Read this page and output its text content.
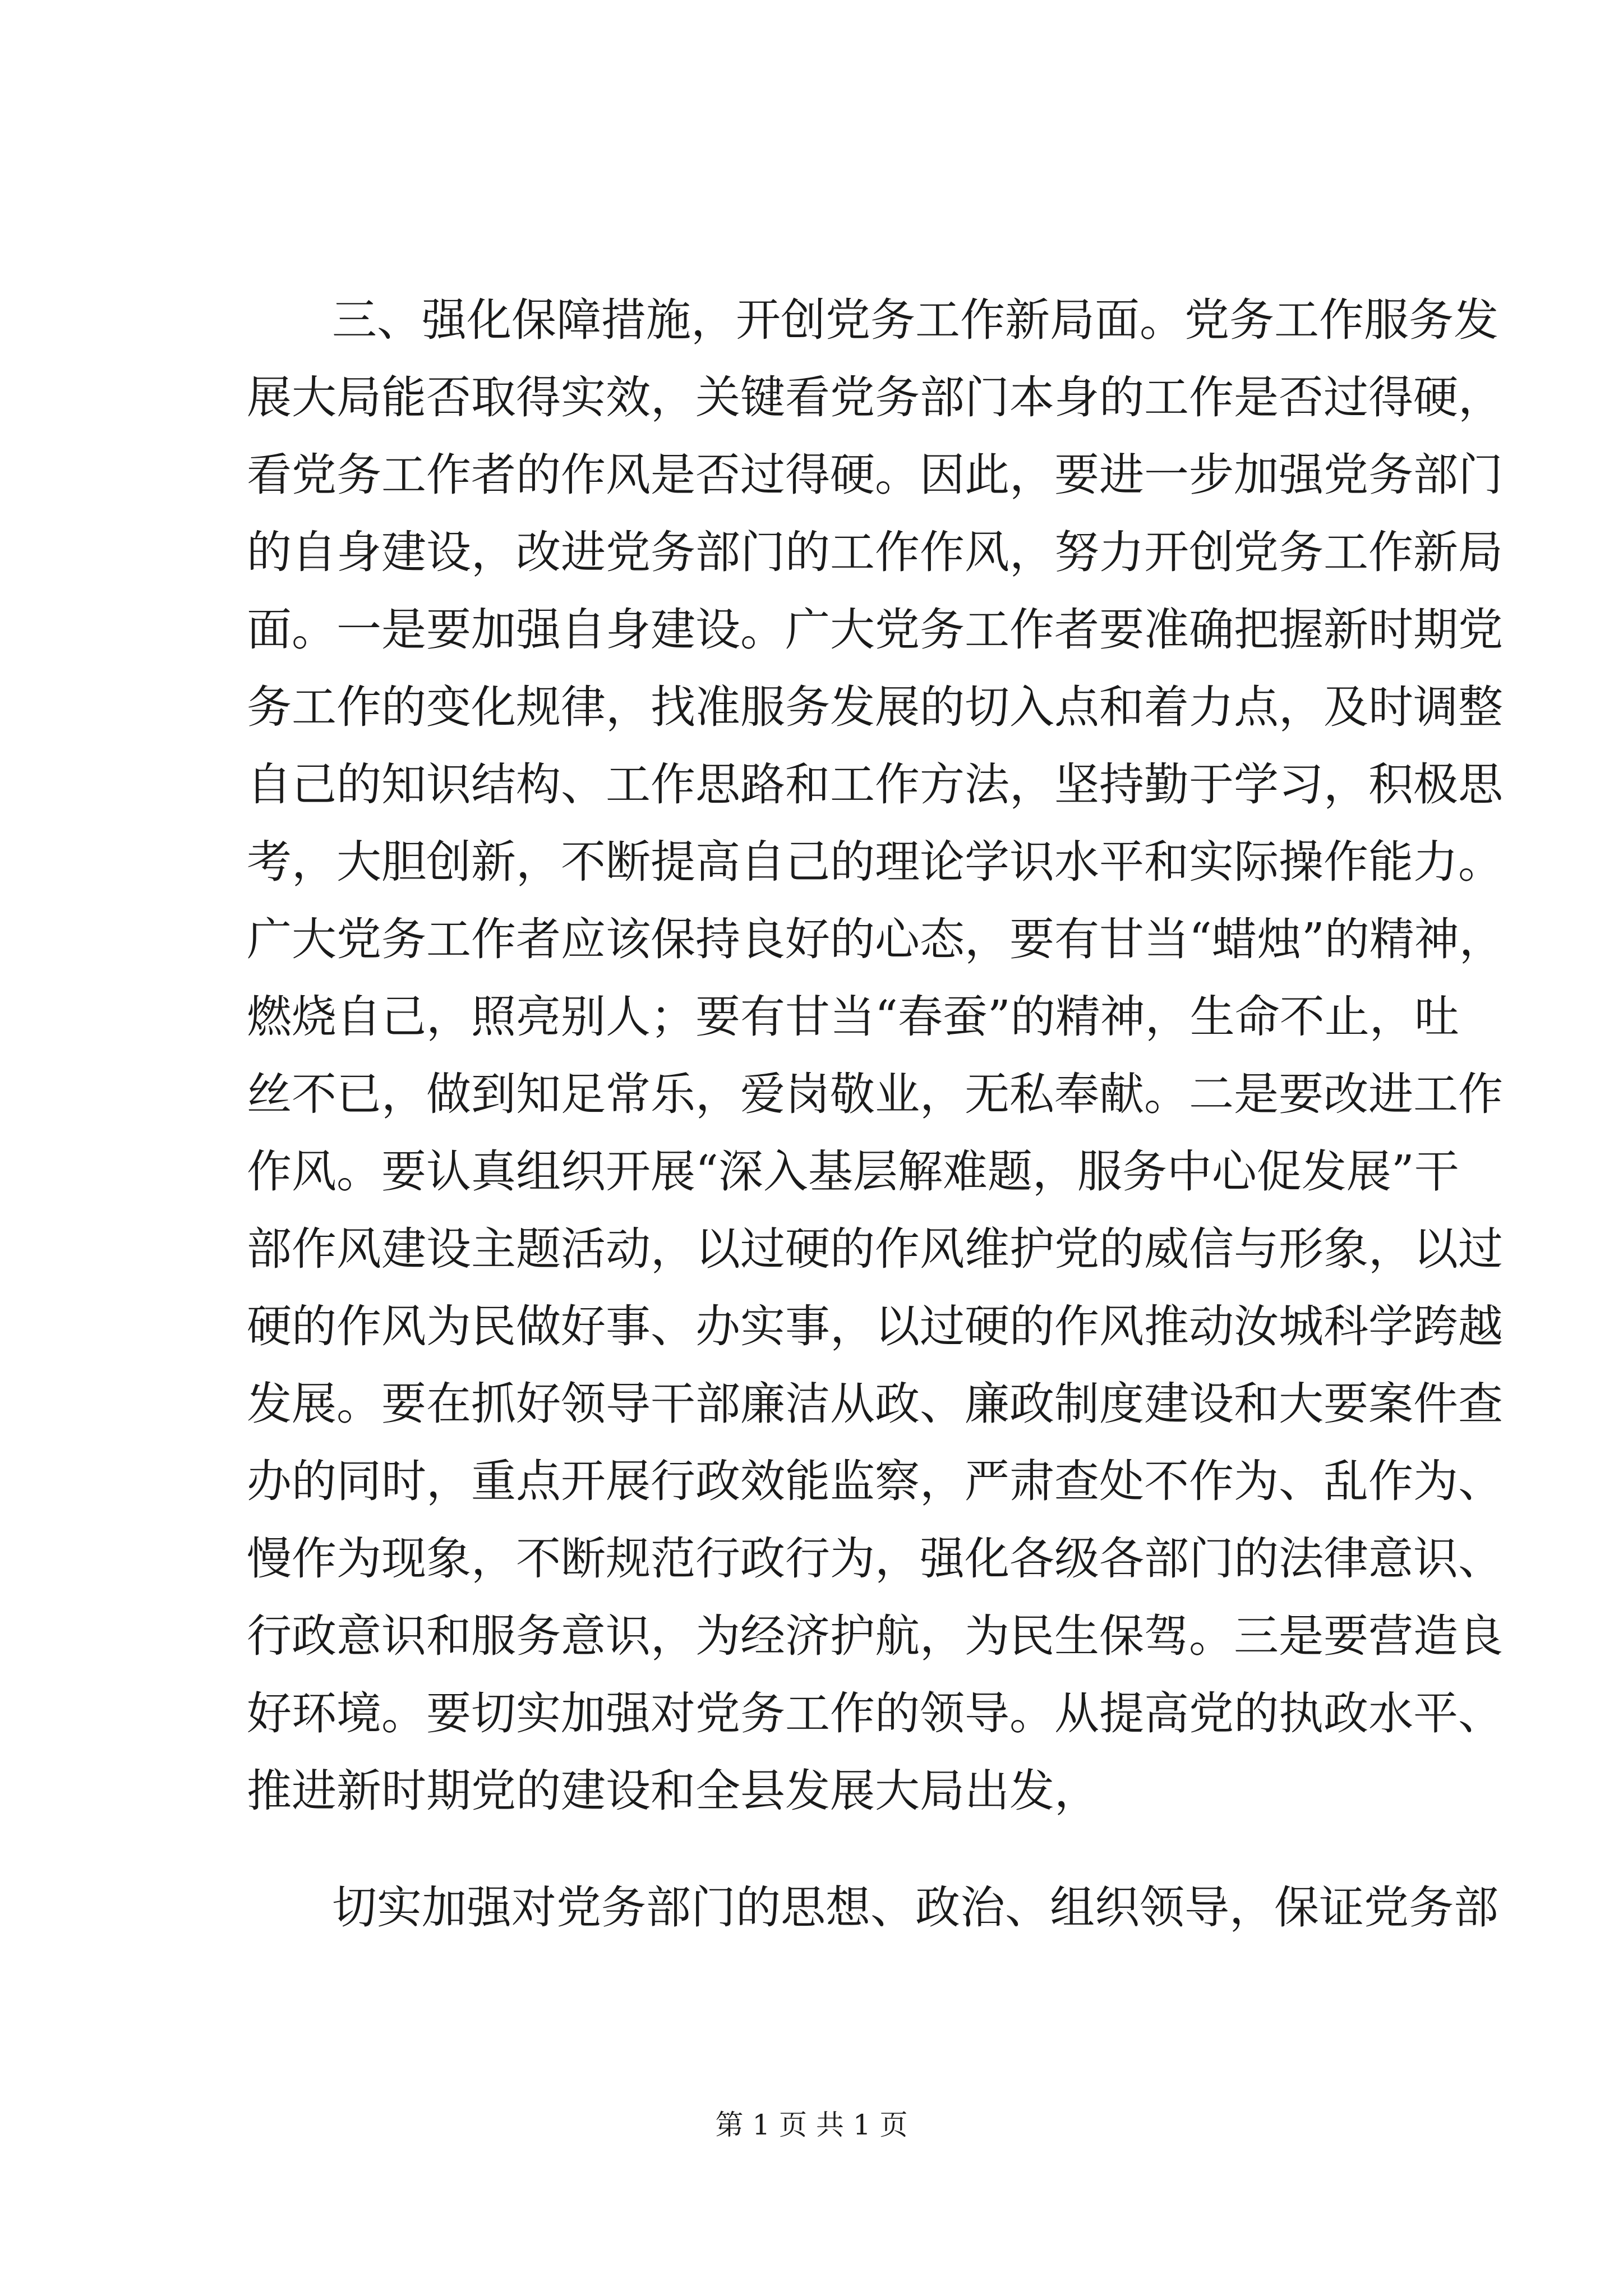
三、强化保障措施，开创党务工作新局面。党务工作服务发
展大局能否取得实效，关键看党务部门本身的工作是否过得硬，
看党务工作者的作风是否过得硬。因此，要进一步加强党务部门
的自身建设，改进党务部门的工作作风，努力开创党务工作新局
面。一是要加强自身建设。广大党务工作者要准确把握新时期党
务工作的变化规律，找准服务发展的切入点和着力点，及时调整
自己的知识结构、工作思路和工作方法，坚持勤于学习，积极思
考，大胆创新，不断提高自己的理论学识水平和实际操作能力。
广大党务工作者应该保持良好的心态，要有甘当“蜡烛”的精神，
燃烧自己，照亮别人；要有甘当“春蚕”的精神，生命不止，吐
丝不已，做到知足常乐，爱岗敬业，无私奉献。二是要改进工作
作风。要认真组织开展“深入基层解难题，服务中心促发展”干
部作风建设主题活动，以过硬的作风维护党的威信与形象，以过
硬的作风为民做好事、办实事，以过硬的作风推动汝城科学跨越
发展。要在抓好领导干部廉洁从政、廉政制度建设和大要案件查
办的同时，重点开展行政效能监察，严肃查处不作为、乱作为、
慢作为现象，不断规范行政行为，强化各级各部门的法律意识、
行政意识和服务意识，为经济护航，为民生保驾。三是要营造良
好环境。要切实加强对党务工作的领导。从提高党的执政水平、
推进新时期党的建设和全县发展大局出发，
切实加强对党务部门的思想、政治、组织领导，保证党务部
第 1 页 共 1 页
